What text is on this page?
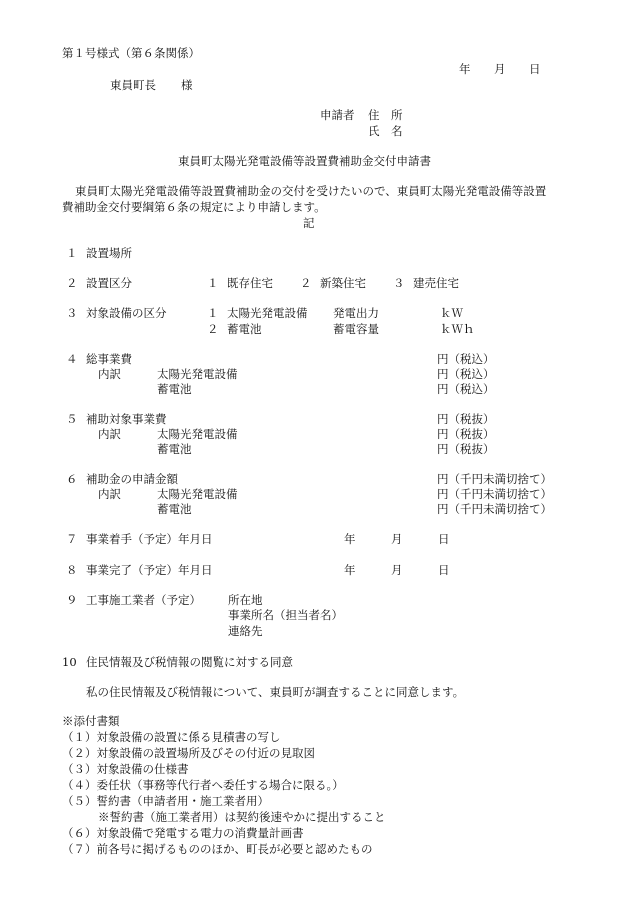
第１号様式（第６条関係）
年 月 日
東員町長 様
申請者 住　所
氏　名
東員町太陽光発電設備等設置費補助金交付申請書
東員町太陽光発電設備等設置費補助金の交付を受けたいので、東員町太陽光発電設備等設置
費補助金交付要綱第６条の規定により申請します。
記
１ 設置場所
２ 設置区分	１ 既存住宅 ２ 新築住宅 ３ 建売住宅
３ 対象設備の区分	１ 太陽光発電設備 発電出力	ｋＷ
２ 蓄電池	蓄電容量	ｋＷｈ
４ 総事業費	円（税込）
内訳	太陽光発電設備	円（税込）
蓄電池	円（税込）
５ 補助対象事業費	円（税抜）
内訳	太陽光発電設備	円（税抜）
蓄電池	円（税抜）
６ 補助金の申請金額	円（千円未満切捨て）
内訳	太陽光発電設備	円（千円未満切捨て）
蓄電池	円（千円未満切捨て）
７ 事業着手（予定）年月日	年	月	日
８ 事業完了（予定）年月日	年	月	日
９ 工事施工業者（予定） 所在地
事業所名（担当者名）
連絡先
10 住民情報及び税情報の閲覧に対する同意
私の住民情報及び税情報について、東員町が調査することに同意します。
※添付書類
（１）対象設備の設置に係る見積書の写し
（２）対象設備の設置場所及びその付近の見取図
（３）対象設備の仕様書
（４）委任状（事務等代行者へ委任する場合に限る。）
（５）誓約書（申請者用・施工業者用）
※誓約書（施工業者用）は契約後速やかに提出すること
（６）対象設備で発電する電力の消費量計画書
（７）前各号に掲げるもののほか、町長が必要と認めたもの
